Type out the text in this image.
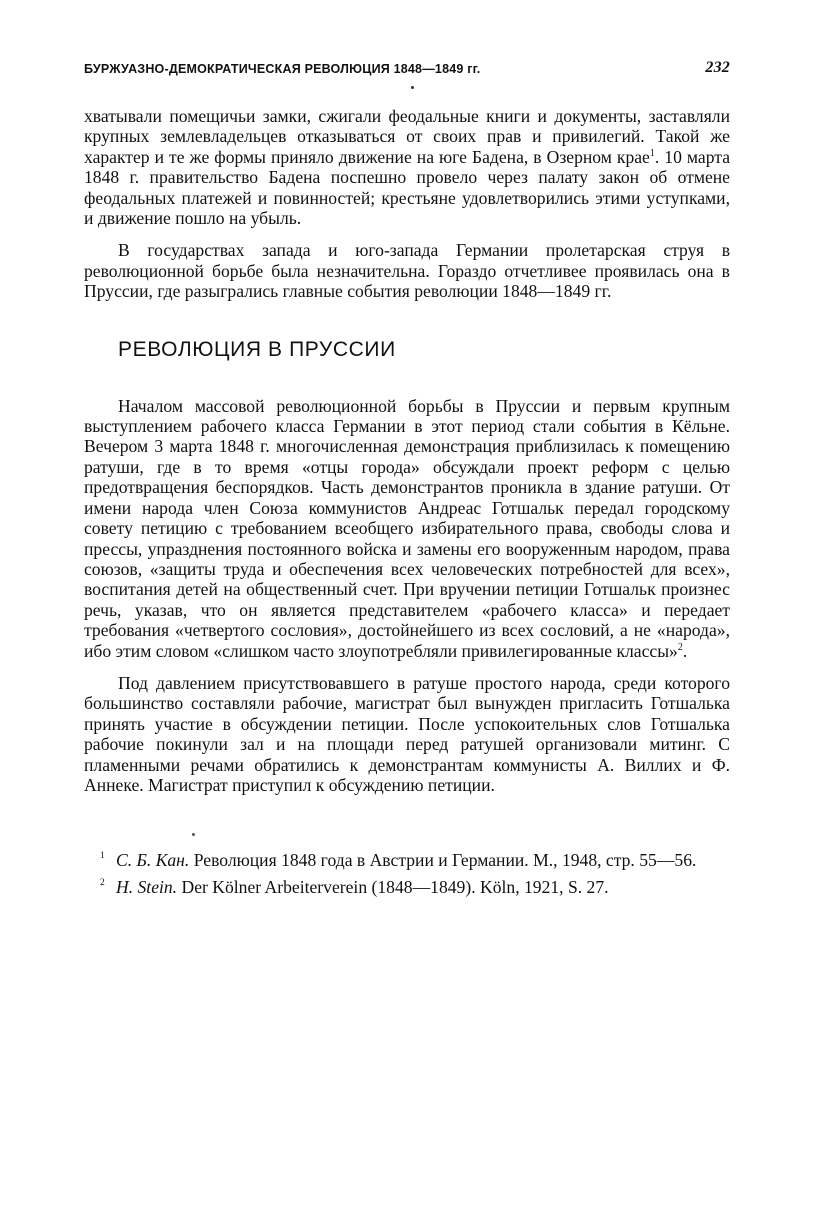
БУРЖУАЗНО-ДЕМОКРАТИЧЕСКАЯ РЕВОЛЮЦИЯ 1848—1849 гг.	232

хватывали помещичьи замки, сжигали феодальные книги и документы, заставляли крупных землевладельцев отказываться от своих прав и привилегий. Такой же характер и те же формы приняло движение на юге Бадена, в Озерном крае$^1$. 10 марта 1848 г. правительство Бадена поспешно провело через палату закон об отмене феодальных платежей и повинностей; крестьяне удовлетворились этими уступками, и движение пошло на убыль.

В государствах запада и юго-запада Германии пролетарская струя в революционной борьбе была незначительна. Гораздо отчетливее проявилась она в Пруссии, где разыгрались главные события революции 1848—1849 гг.

РЕВОЛЮЦИЯ В ПРУССИИ

Началом массовой революционной борьбы в Пруссии и первым крупным выступлением рабочего класса Германии в этот период стали события в Кёльне. Вечером 3 марта 1848 г. многочисленная демонстрация приблизилась к помещению ратуши, где в то время «отцы города» обсуждали проект реформ с целью предотвращения беспорядков. Часть демонстрантов проникла в здание ратуши. От имени народа член Союза коммунистов Андреас Готшальк передал городскому совету петицию с требованием всеобщего избирательного права, свободы слова и прессы, упразднения постоянного войска и замены его вооруженным народом, права союзов, «защиты труда и обеспечения всех человеческих потребностей для всех», воспитания детей на общественный счет. При вручении петиции Готшальк произнес речь, указав, что он является представителем «рабочего класса» и передает требования «четвертого сословия», достойнейшего из всех сословий, а не «народа», ибо этим словом «слишком часто злоупотребляли привилегированные классы»$^2$.

Под давлением присутствовавшего в ратуше простого народа, среди которого большинство составляли рабочие, магистрат был вынужден пригласить Готшалька принять участие в обсуждении петиции. После успокоительных слов Готшалька рабочие покинули зал и на площади перед ратушей организовали митинг. С пламенными речами обратились к демонстрантам коммунисты А. Виллих и Ф. Аннеке. Магистрат приступил к обсуждению петиции.

1 С. Б. Кан. Революция 1848 года в Австрии и Германии. М., 1948, стр. 55—56.

2 H. Stein. Der Kölner Arbeiterverein (1848—1849). Köln, 1921, S. 27.
